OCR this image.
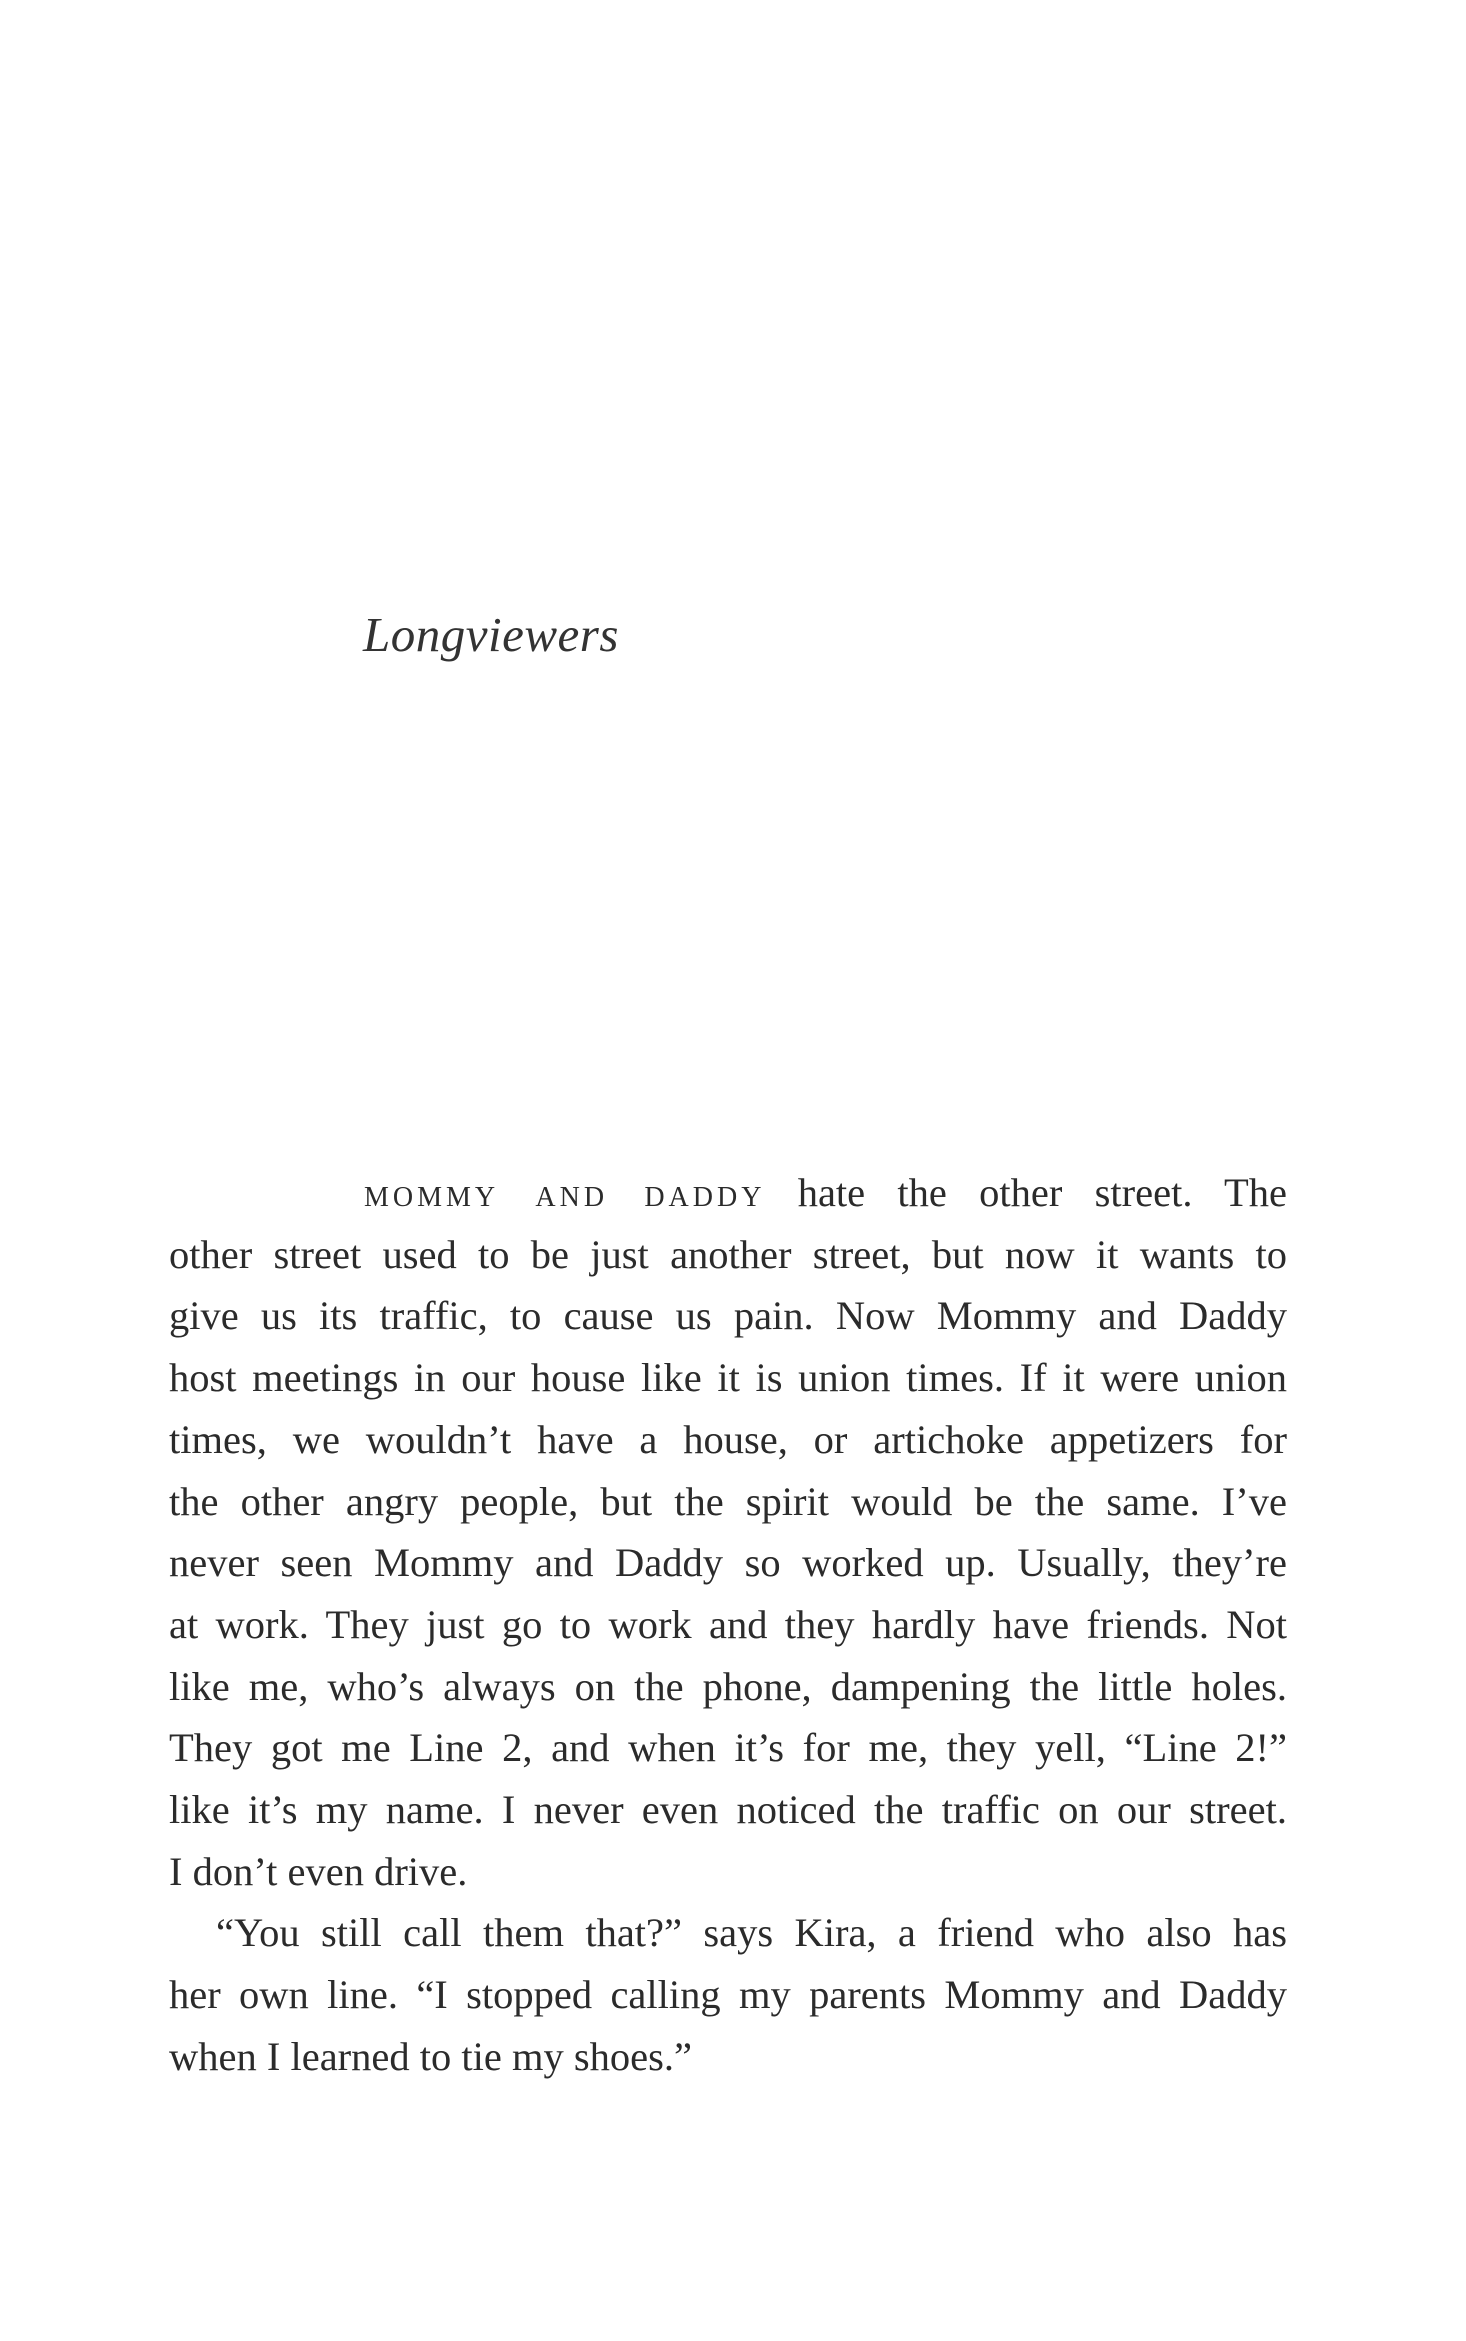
Longviewers
mommy and daddy hate the other street. The
other street used to be just another street, but now it wants to
give us its traffic, to cause us pain. Now Mommy and Daddy
host meetings in our house like it is union times. If it were union
times, we wouldn’t have a house, or artichoke appetizers for
the other angry people, but the spirit would be the same. I’ve
never seen Mommy and Daddy so worked up. Usually, they’re
at work. They just go to work and they hardly have friends. Not
like me, who’s always on the phone, dampening the little holes.
They got me Line 2, and when it’s for me, they yell, “Line 2!”
like it’s my name. I never even noticed the traffic on our street.
I don’t even drive.
“You still call them that?” says Kira, a friend who also has
her own line. “I stopped calling my parents Mommy and Daddy
when I learned to tie my shoes.”
